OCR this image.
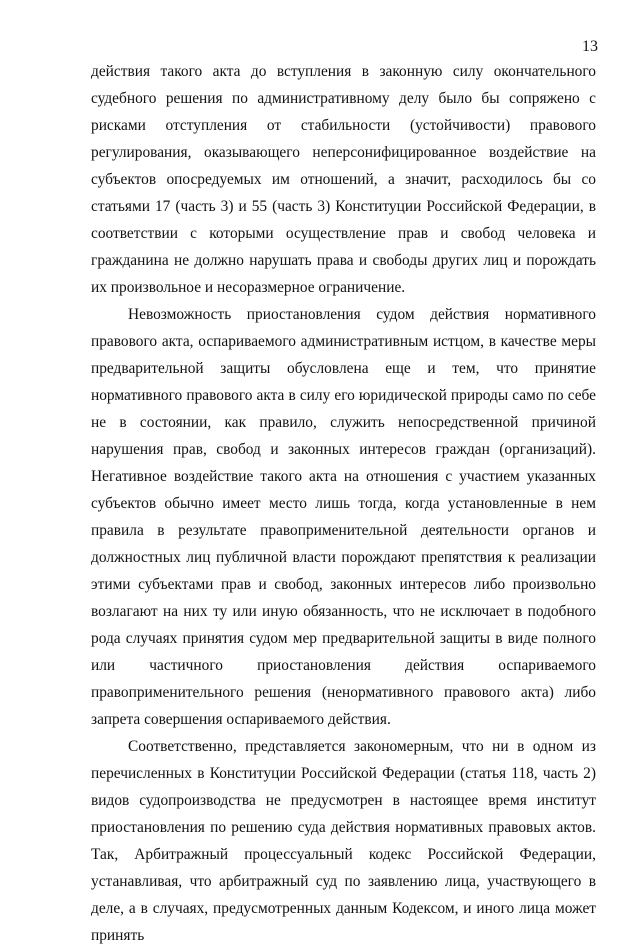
13

действия такого акта до вступления в законную силу окончательного судебного решения по административному делу было бы сопряжено с рисками отступления от стабильности (устойчивости) правового регулирования, оказывающего неперсонифицированное воздействие на субъектов опосредуемых им отношений, а значит, расходилось бы со статьями 17 (часть 3) и 55 (часть 3) Конституции Российской Федерации, в соответствии с которыми осуществление прав и свобод человека и гражданина не должно нарушать права и свободы других лиц и порождать их произвольное и несоразмерное ограничение.

Невозможность приостановления судом действия нормативного правового акта, оспариваемого административным истцом, в качестве меры предварительной защиты обусловлена еще и тем, что принятие нормативного правового акта в силу его юридической природы само по себе не в состоянии, как правило, служить непосредственной причиной нарушения прав, свобод и законных интересов граждан (организаций). Негативное воздействие такого акта на отношения с участием указанных субъектов обычно имеет место лишь тогда, когда установленные в нем правила в результате правоприменительной деятельности органов и должностных лиц публичной власти порождают препятствия к реализации этими субъектами прав и свобод, законных интересов либо произвольно возлагают на них ту или иную обязанность, что не исключает в подобного рода случаях принятия судом мер предварительной защиты в виде полного или частичного приостановления действия оспариваемого правоприменительного решения (ненормативного правового акта) либо запрета совершения оспариваемого действия.

Соответственно, представляется закономерным, что ни в одном из перечисленных в Конституции Российской Федерации (статья 118, часть 2) видов судопроизводства не предусмотрен в настоящее время институт приостановления по решению суда действия нормативных правовых актов. Так, Арбитражный процессуальный кодекс Российской Федерации, устанавливая, что арбитражный суд по заявлению лица, участвующего в деле, а в случаях, предусмотренных данным Кодексом, и иного лица может принять
